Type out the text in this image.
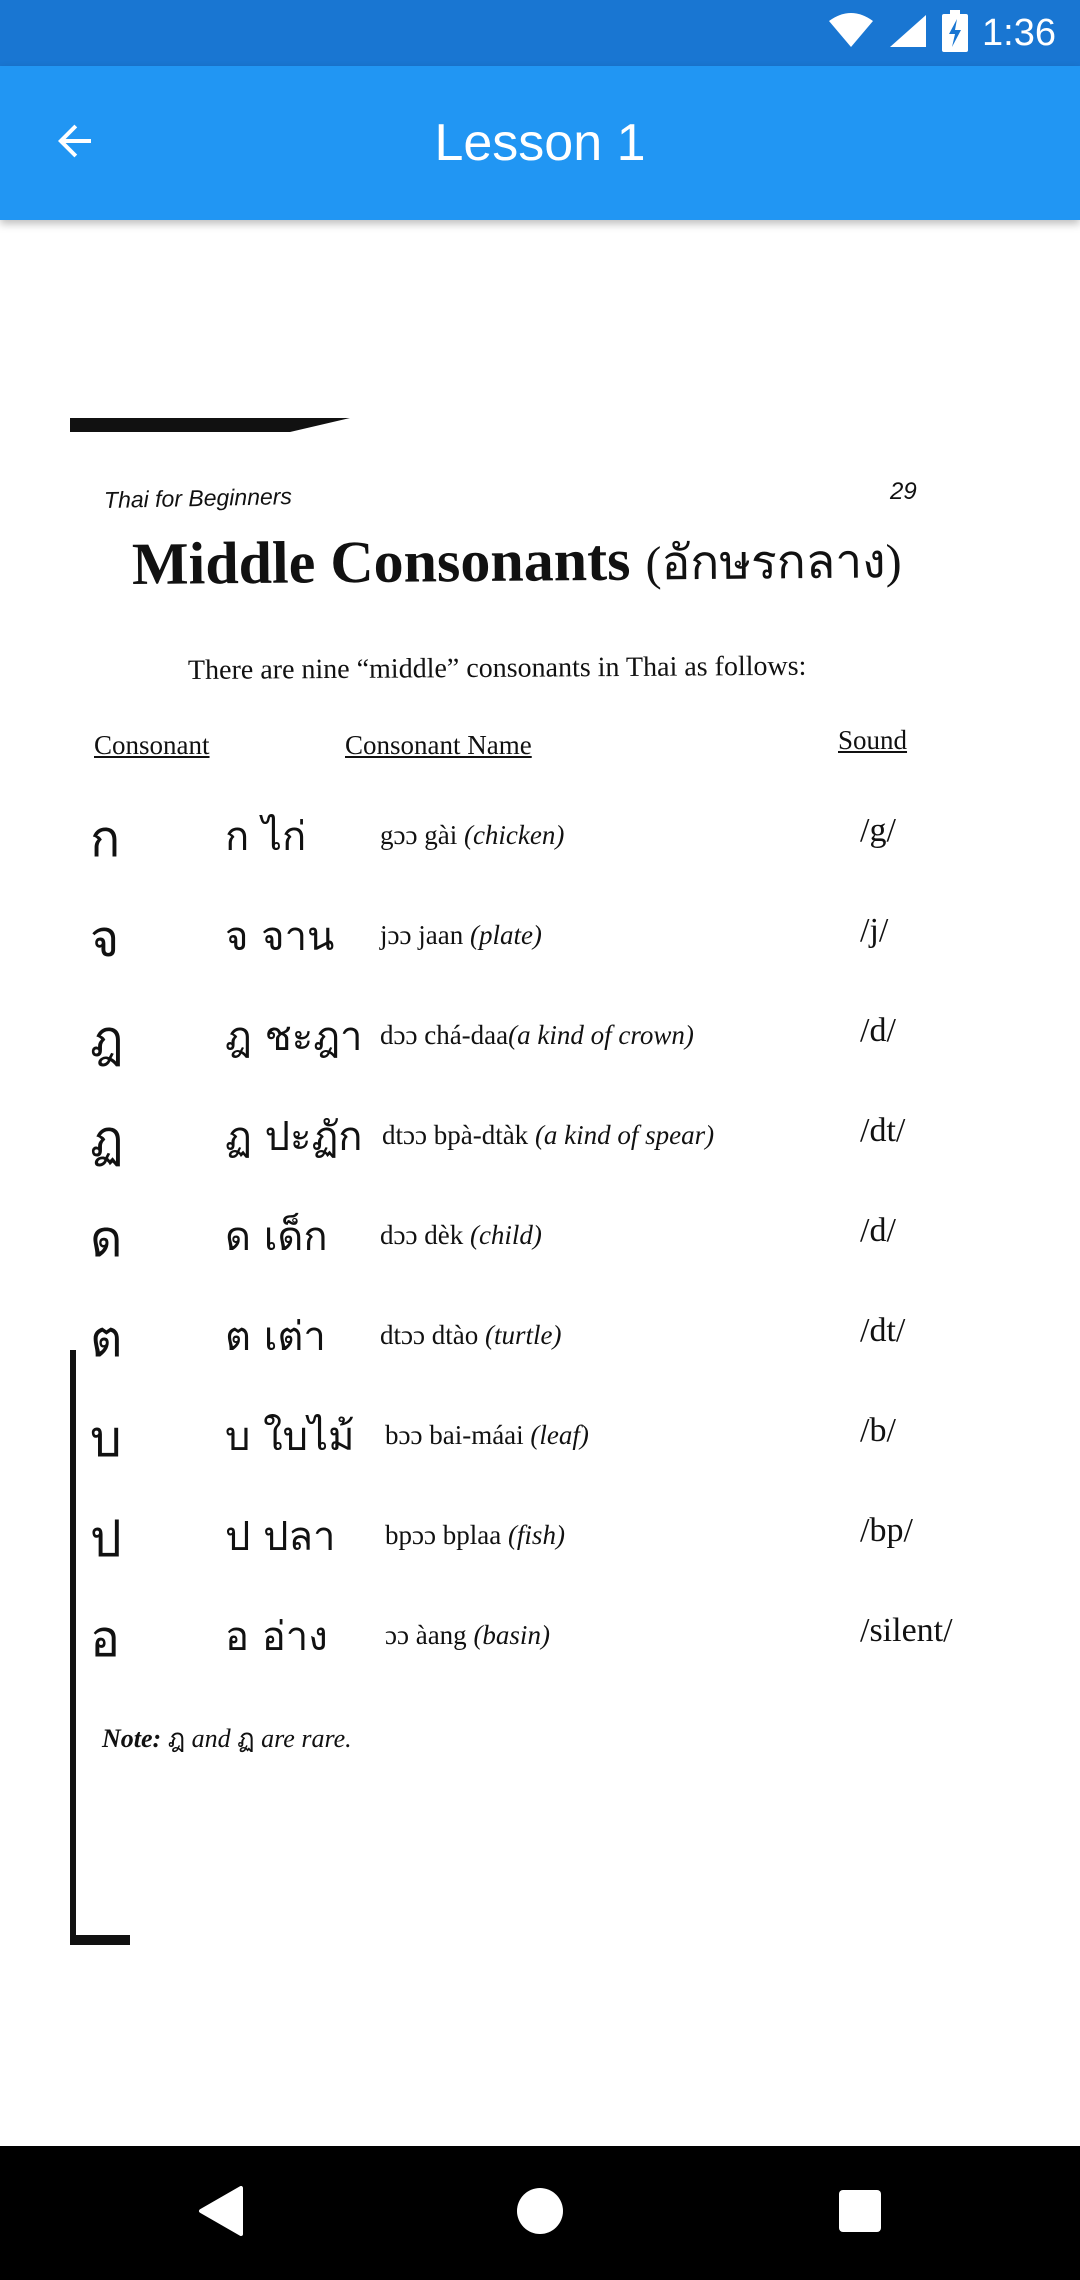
1:36
Lesson 1
Thai for Beginners	29
Middle Consonants (อักษรกลาง)
There are nine “middle” consonants in Thai as follows:
Consonant	Consonant Name	Sound
ก	ก ไก่	gɔɔ gài (chicken)	/g/
จ	จ จาน jɔɔ jaan (plate)	/j/
ฎ	ฎ ชะฎา dɔɔ chá-daa(a kind of crown)	/d/
ฏ	ฏ ปะฏัก dtɔɔ bpà-dtàk (a kind of spear)	/dt/
ด	ด เด็ก dɔɔ dèk (child)	/d/
ต	ต เต่า dtɔɔ dtào (turtle)	/dt/
บ	บ ใบไม้ bɔɔ bai-máai (leaf)	/b/
ป	ป ปลา bpɔɔ bplaa (fish)	/bp/
อ	อ อ่าง ɔɔ àang (basin)	/silent/
Note: ฎ and ฏ are rare.
